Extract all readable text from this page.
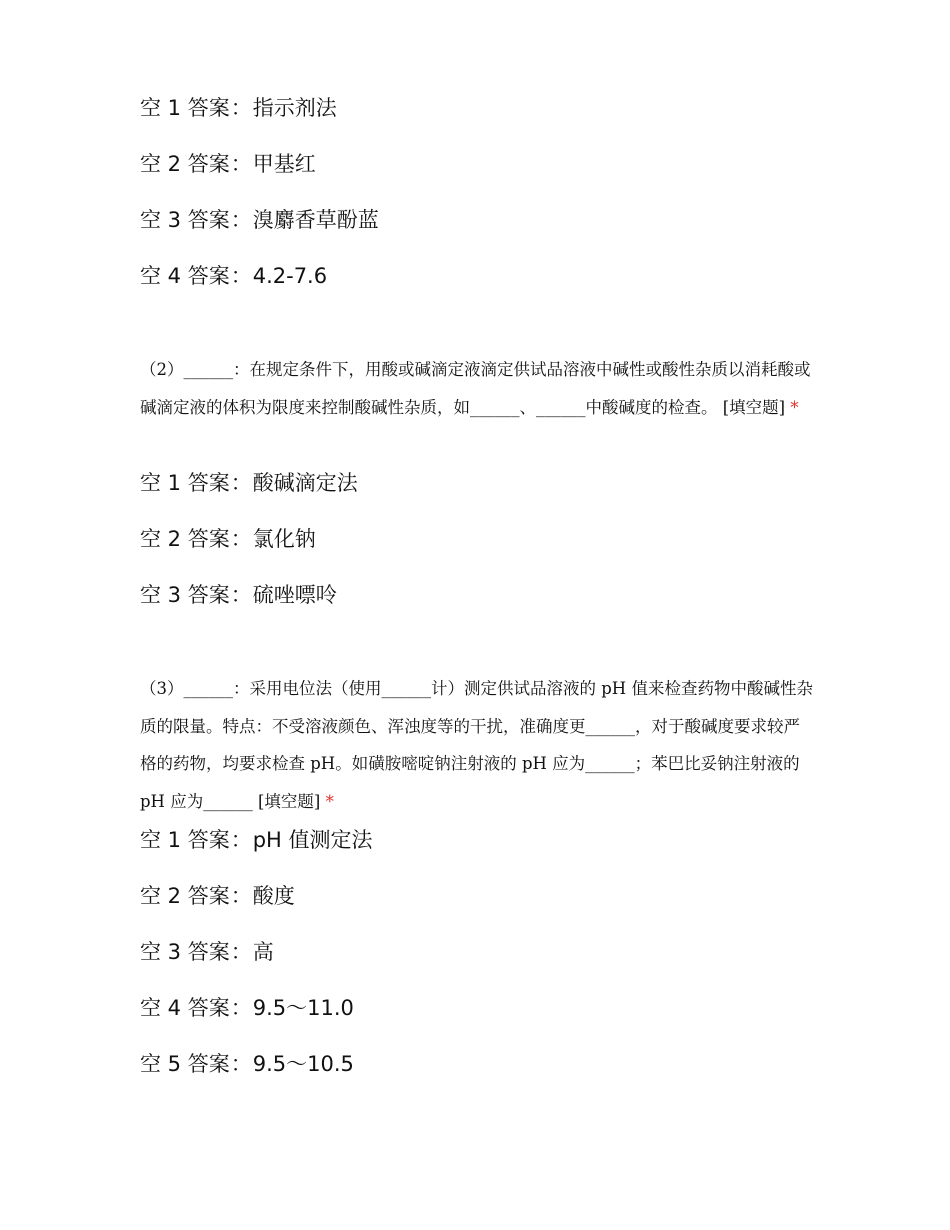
空 1 答案：指示剂法
空 2 答案：甲基红
空 3 答案：溴麝香草酚蓝
空 4 答案：4.2-7.6
（2）______：在规定条件下，用酸或碱滴定液滴定供试品溶液中碱性或酸性杂质以消耗酸或碱滴定液的体积为限度来控制酸碱性杂质，如______、______中酸碱度的检查。 [填空题] *
空 1 答案：酸碱滴定法
空 2 答案：氯化钠
空 3 答案：硫唑嘌呤
（3）______：采用电位法（使用______计）测定供试品溶液的 pH 值来检查药物中酸碱性杂质的限量。特点：不受溶液颜色、浑浊度等的干扰，准确度更______，对于酸碱度要求较严格的药物，均要求检查 pH。如磺胺嘧啶钠注射液的 pH 应为______；苯巴比妥钠注射液的 pH 应为______ [填空题] *
空 1 答案：pH 值测定法
空 2 答案：酸度
空 3 答案：高
空 4 答案：9.5～11.0
空 5 答案：9.5～10.5
